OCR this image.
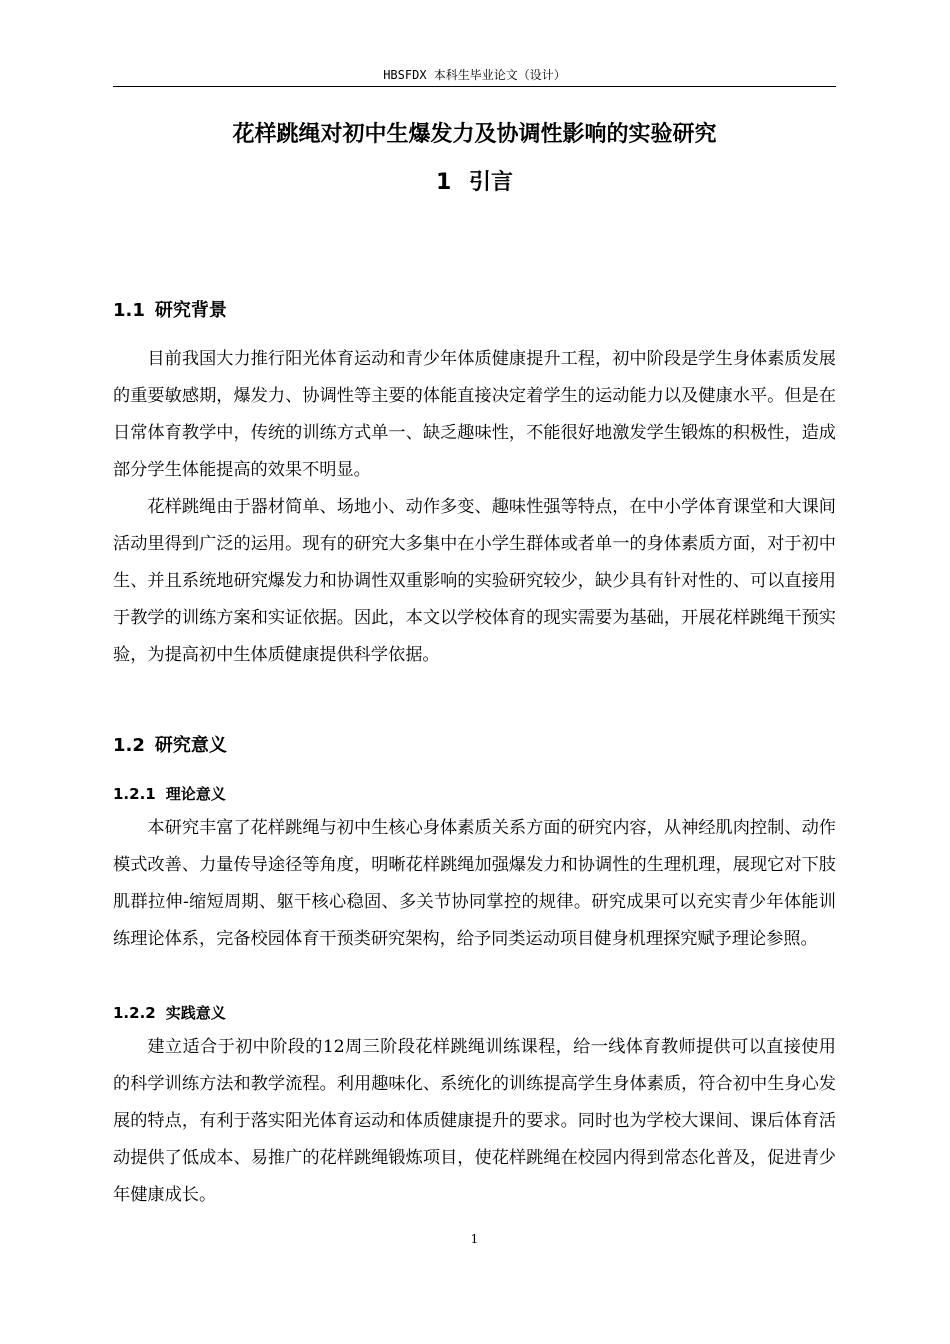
HBSFDX 本科生毕业论文（设计）
花样跳绳对初中生爆发力及协调性影响的实验研究
1 引言
1.1 研究背景

目前我国大力推行阳光体育运动和青少年体质健康提升工程，初中阶段是学生身体素质发展的重要敏感期，爆发力、协调性等主要的体能直接决定着学生的运动能力以及健康水平。但是在日常体育教学中，传统的训练方式单一、缺乏趣味性，不能很好地激发学生锻炼的积极性，造成部分学生体能提高的效果不明显。

花样跳绳由于器材简单、场地小、动作多变、趣味性强等特点，在中小学体育课堂和大课间活动里得到广泛的运用。现有的研究大多集中在小学生群体或者单一的身体素质方面，对于初中生、并且系统地研究爆发力和协调性双重影响的实验研究较少，缺少具有针对性的、可以直接用于教学的训练方案和实证依据。因此，本文以学校体育的现实需要为基础，开展花样跳绳干预实验，为提高初中生体质健康提供科学依据。

1.2 研究意义
1.2.1 理论意义

本研究丰富了花样跳绳与初中生核心身体素质关系方面的研究内容，从神经肌肉控制、动作模式改善、力量传导途径等角度，明晰花样跳绳加强爆发力和协调性的生理机理，展现它对下肢肌群拉伸-缩短周期、躯干核心稳固、多关节协同掌控的规律。研究成果可以充实青少年体能训练理论体系，完备校园体育干预类研究架构，给予同类运动项目健身机理探究赋予理论参照。

1.2.2 实践意义

建立适合于初中阶段的12周三阶段花样跳绳训练课程，给一线体育教师提供可以直接使用的科学训练方法和教学流程。利用趣味化、系统化的训练提高学生身体素质，符合初中生身心发展的特点，有利于落实阳光体育运动和体质健康提升的要求。同时也为学校大课间、课后体育活动提供了低成本、易推广的花样跳绳锻炼项目，使花样跳绳在校园内得到常态化普及，促进青少年健康成长。

1
